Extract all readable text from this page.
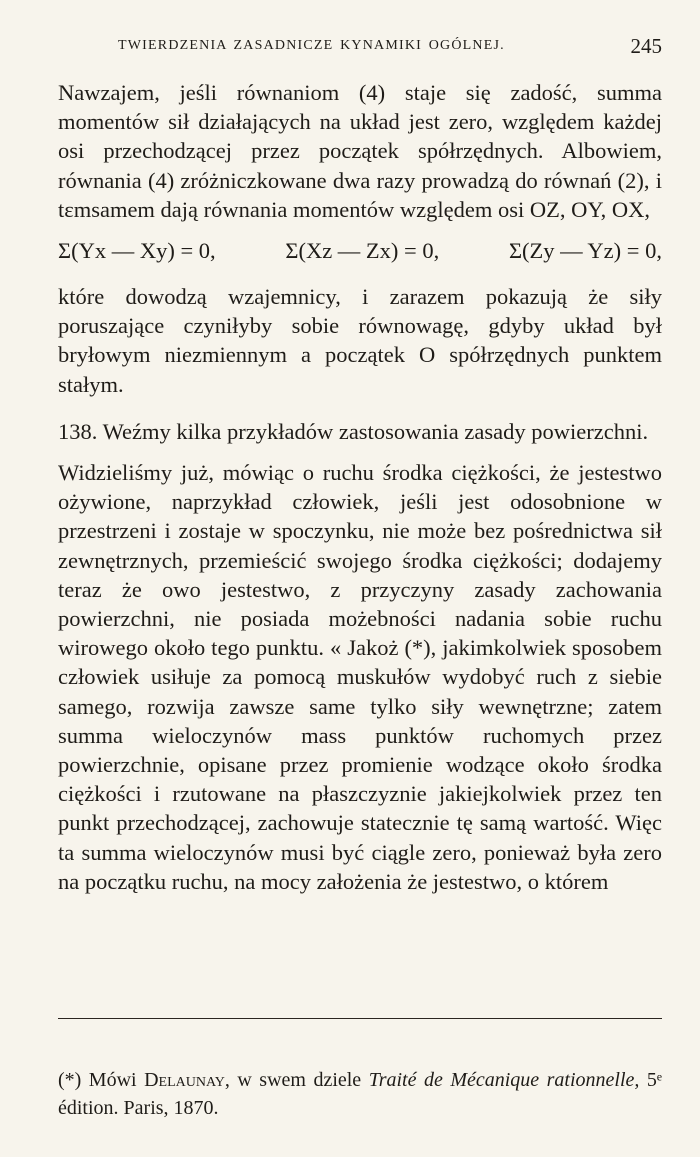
TWIERDZENIA ZASADNICZE KYNAMIKI OGÓLNEJ.	245

Nawzajem, jeśli równaniom (4) staje się zadość, summa momentów sił działających na układ jest zero, względem każdej osi przechodzącej przez początek spółrzędnych. Albowiem, równania (4) zróżniczkowane dwa razy prowadzą do równań (2), i tεmsamem dają równania momentów względem osi OZ, OY, OX,

Σ(Yx — Xy) = 0,	Σ(Xz — Zx) = 0,	Σ(Zy — Yz) = 0,

które dowodzą wzajemnicy, i zarazem pokazują że siły poruszające czyniłyby sobie równowagę, gdyby układ był bryłowym niezmiennym a początek O spółrzędnych punktem stałym.

138. Weźmy kilka przykładów zastosowania zasady powierzchni.

Widzieliśmy już, mówiąc o ruchu środka ciężkości, że jestestwo ożywione, naprzykład człowiek, jeśli jest odosobnione w przestrzeni i zostaje w spoczynku, nie może bez pośrednictwa sił zewnętrznych, przemieścić swojego środka ciężkości; dodajemy teraz że owo jestestwo, z przyczyny zasady zachowania powierzchni, nie posiada możebności nadania sobie ruchu wirowego około tego punktu. « Jakoż (*), jakimkolwiek sposobem człowiek usiłuje za pomocą muskułów wydobyć ruch z siebie samego, rozwija zawsze same tylko siły wewnętrzne; zatem summa wieloczynów mass punktów ruchomych przez powierzchnie, opisane przez promienie wodzące około środka ciężkości i rzutowane na płaszczyznie jakiejkolwiek przez ten punkt przechodzącej, zachowuje statecznie tę samą wartość. Więc ta summa wieloczynów musi być ciągle zero, ponieważ była zero na początku ruchu, na mocy założenia że jestestwo, o którem

(*) Mówi Delaunay, w swem dziele Traité de Mécanique rationnelle, 5ᵉ édition. Paris, 1870.
